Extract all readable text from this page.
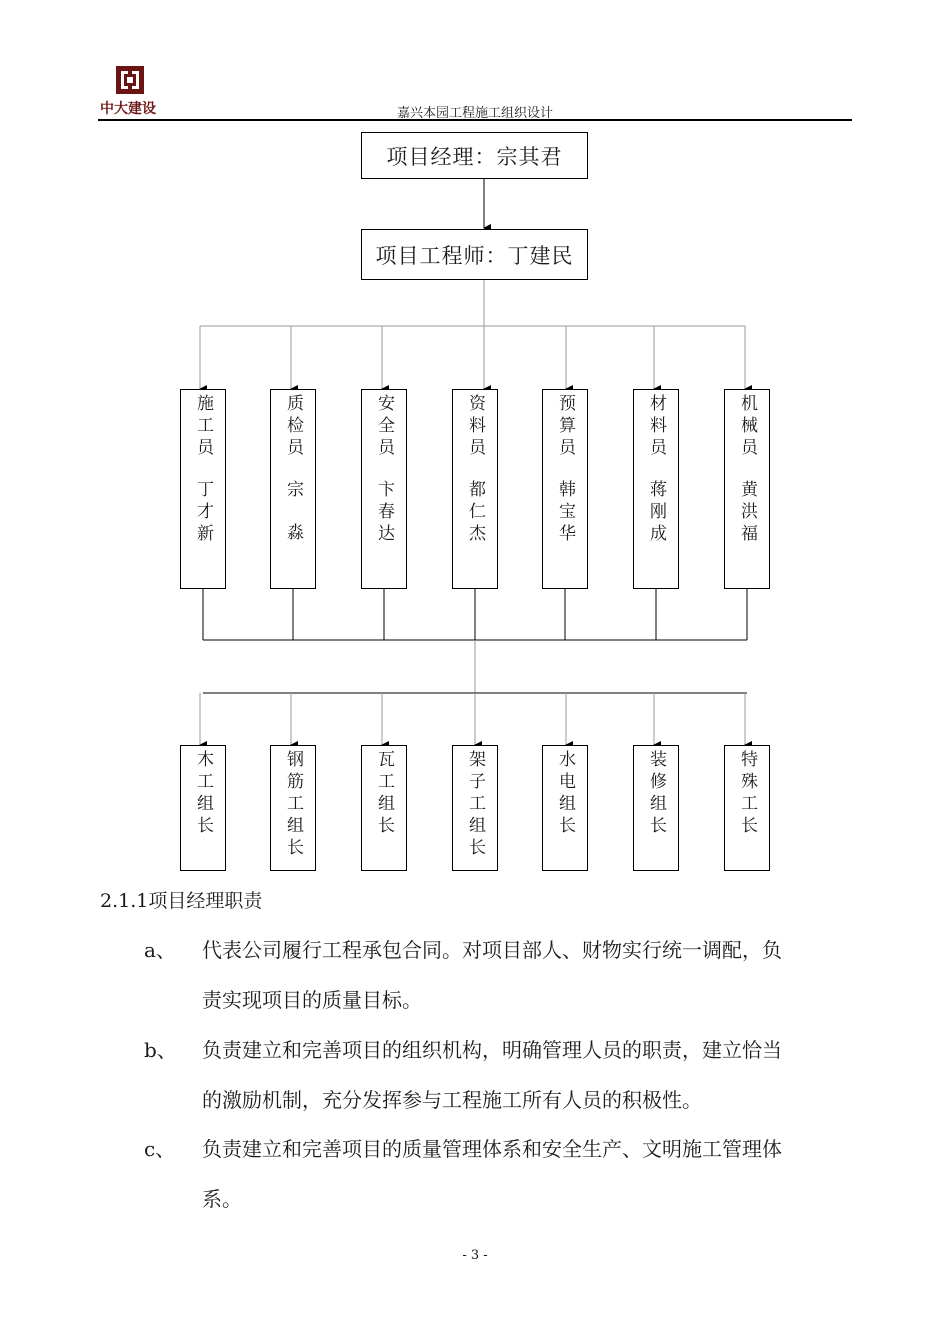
中大建设	嘉兴本园工程施工组织设计
项目经理：宗其君
项目工程师：丁建民
施工员
丁才新
质检员
宗  淼
安全员
卞春达
资料员
都仁杰
预算员
韩宝华
材料员
蒋刚成
机械员
黄洪福
木工组长	钢筋工组长	瓦工组长	架子工组长	水电组长	装修组长	特殊工长
2.1.1项目经理职责
a、 代表公司履行工程承包合同。对项目部人、财物实行统一调配，负
责实现项目的质量目标。
b、 负责建立和完善项目的组织机构，明确管理人员的职责，建立恰当
的激励机制，充分发挥参与工程施工所有人员的积极性。
c、 负责建立和完善项目的质量管理体系和安全生产、文明施工管理体
系。
- 3 -
